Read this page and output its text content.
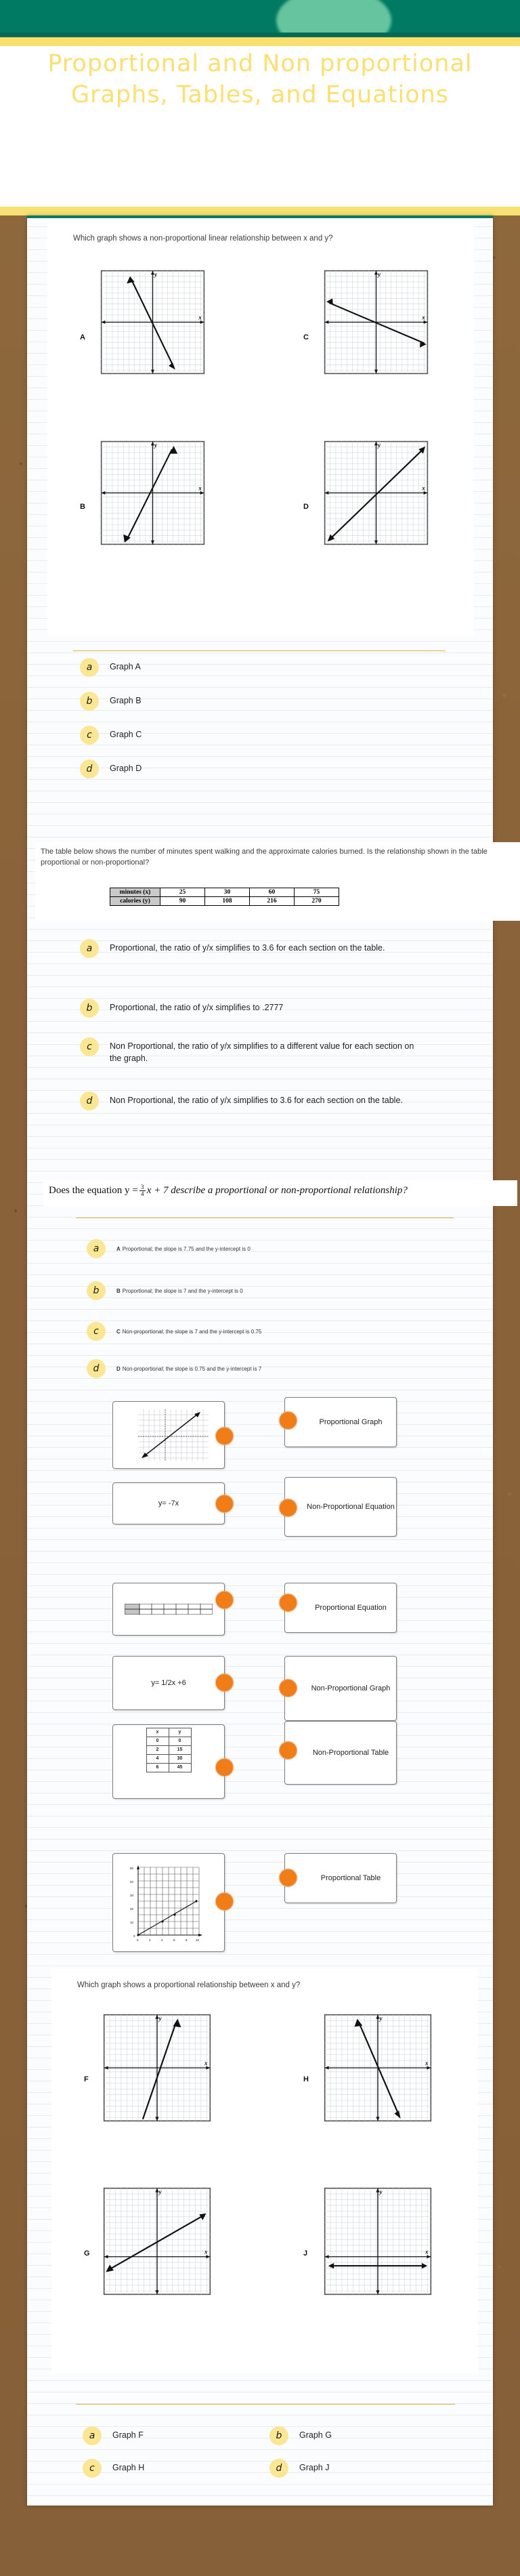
Proportional and Non proportional Graphs, Tables, and Equations
Which graph shows a non-proportional linear relationship between x and y?
A
y
x
C
y
x
B
y
x
D
y
x
a	Graph A
b	Graph B
c	Graph C
d	Graph D
The table below shows the number of minutes spent walking and the approximate calories burned. Is the relationship shown in the table proportional or non-proportional?
minutes (x)	25	30	60	75
calories (y)	90	108	216	270
a	Proportional, the ratio of y/x simplifies to 3.6 for each section on the table.
b	Proportional, the ratio of y/x simplifies to .2777
c	Non Proportional, the ratio of y/x simplifies to a different value for each section on the graph.
d	Non Proportional, the ratio of y/x simplifies to 3.6 for each section on the table.
Does the equation y = 3
4 x + 7 describe a proportional or non-proportional relationship?
a	A Proportional; the slope is 7.75 and the y-intercept is 0
b	B Proportional; the slope is 7 and the y-intercept is 0
c	C Non-proportional; the slope is 7 and the y-intercept is 0.75
d	D Non-proportional; the slope is 0.75 and the y-intercept is 7
Proportional Graph
y= -7x	Non-Proportional Equation
Proportional Equation
y= 1/2x +6
Non-Proportional Graph
x	y
0	0
2	15
4	30
6	45
Non-Proportional Table
50
40
30
20
10
0
0	2	4	6	8	10
Proportional Table
Which graph shows a proportional relationship between x and y?
F
y
x
H
y
x
G
y
x	J
y
x
a	Graph F	b	Graph G
c	Graph H	d	Graph J
